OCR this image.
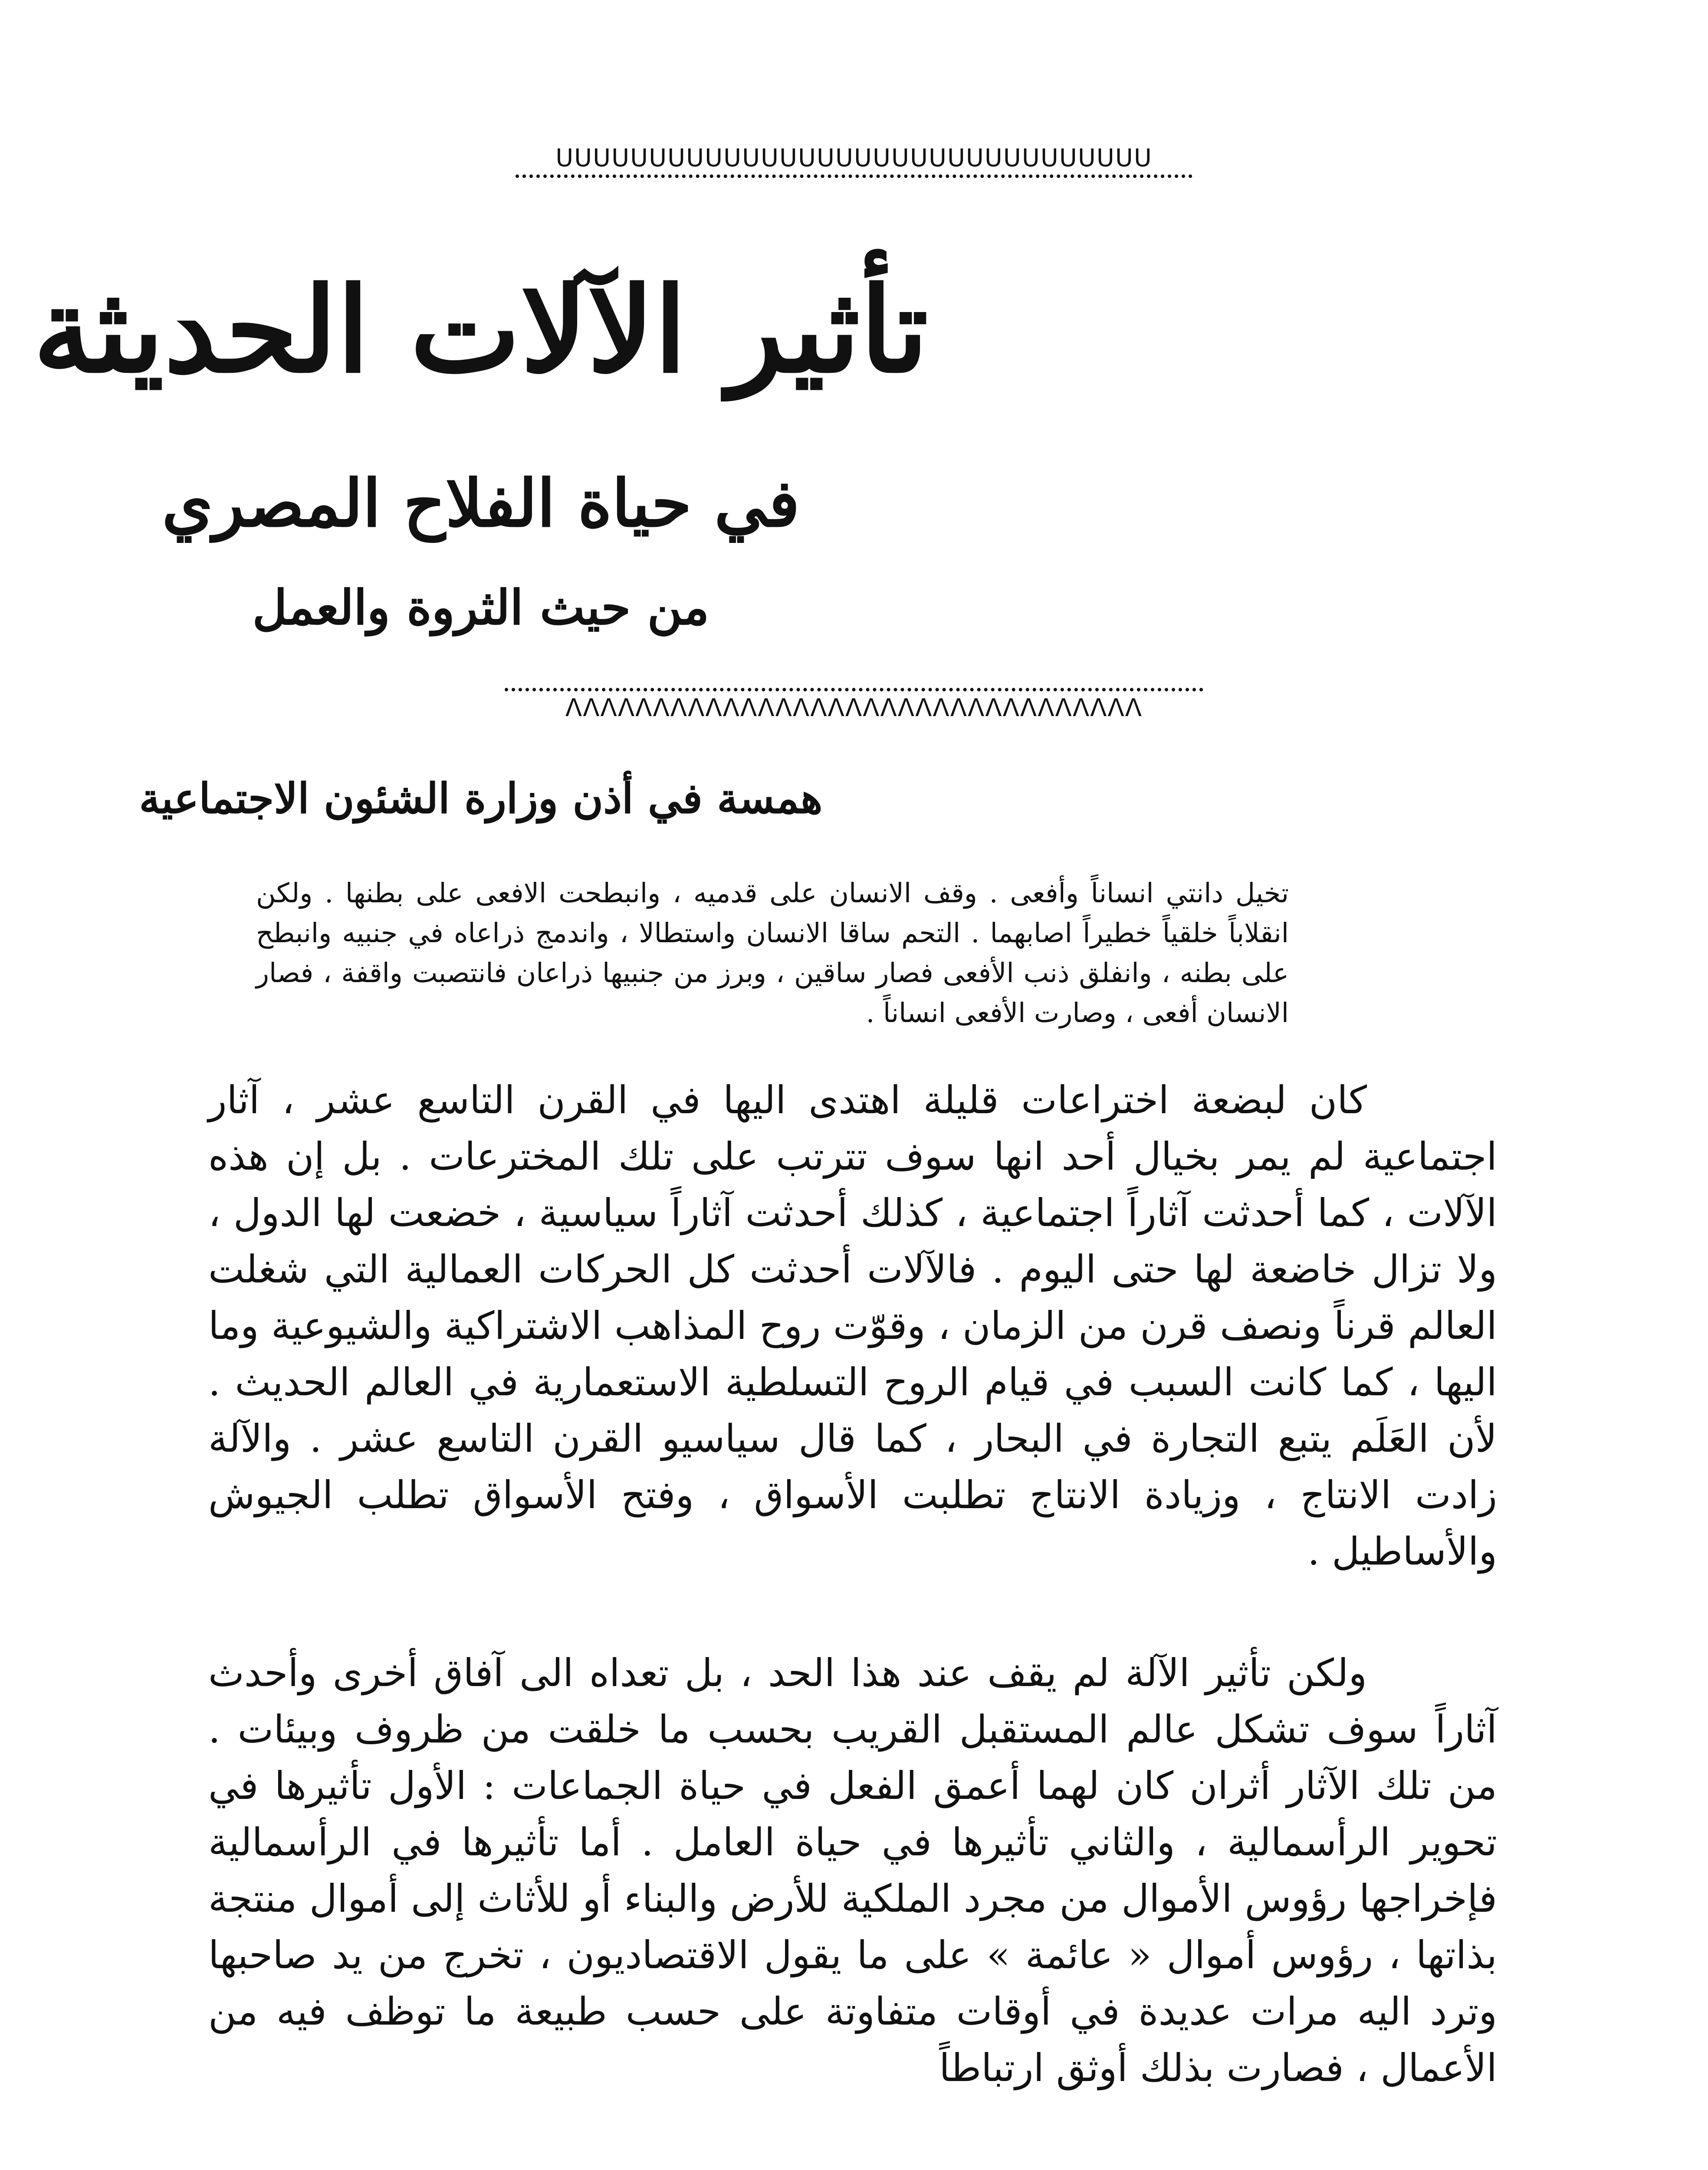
ꓴꓴꓴꓴꓴꓴꓴꓴꓴꓴꓴꓴꓴꓴꓴꓴꓴꓴꓴꓴꓴꓴꓴꓴꓴꓴꓴꓴꓴꓴꓴꓴ
تأثير الآلات الحديثة
في حياة الفلاح المصري
من حيث الثروة والعمل
ꓥꓥꓥꓥꓥꓥꓥꓥꓥꓥꓥꓥꓥꓥꓥꓥꓥꓥꓥꓥꓥꓥꓥꓥꓥꓥꓥꓥꓥꓥꓥꓥꓥ
همسة في أذن وزارة الشئون الاجتماعية

تخيل دانتي انساناً وأفعى . وقف الانسان على قدميه ، وانبطحت الافعى على بطنها . ولكن انقلاباً خلقياً خطيراً اصابهما . التحم ساقا الانسان واستطالا ، واندمج ذراعاه في جنبيه وانبطح على بطنه ، وانفلق ذنب الأفعى فصار ساقين ، وبرز من جنبيها ذراعان فانتصبت واقفة ، فصار الانسان أفعى ، وصارت الأفعى انساناً .

كان لبضعة اختراعات قليلة اهتدى اليها في القرن التاسع عشر ، آثار اجتماعية لم يمر بخيال أحد انها سوف تترتب على تلك المخترعات . بل إن هذه الآلات ، كما أحدثت آثاراً اجتماعية ، كذلك أحدثت آثاراً سياسية ، خضعت لها الدول ، ولا تزال خاضعة لها حتى اليوم . فالآلات أحدثت كل الحركات العمالية التي شغلت العالم قرناً ونصف قرن من الزمان ، وقوّت روح المذاهب الاشتراكية والشيوعية وما اليها ، كما كانت السبب في قيام الروح التسلطية الاستعمارية في العالم الحديث . لأن العَلَم يتبع التجارة في البحار ، كما قال سياسيو القرن التاسع عشر . والآلة زادت الانتاج ، وزيادة الانتاج تطلبت الأسواق ، وفتح الأسواق تطلب الجيوش والأساطيل .

ولكن تأثير الآلة لم يقف عند هذا الحد ، بل تعداه الى آفاق أخرى وأحدث آثاراً سوف تشكل عالم المستقبل القريب بحسب ما خلقت من ظروف وبيئات . من تلك الآثار أثران كان لهما أعمق الفعل في حياة الجماعات : الأول تأثيرها في تحوير الرأسمالية ، والثاني تأثيرها في حياة العامل . أما تأثيرها في الرأسمالية فإخراجها رؤوس الأموال من مجرد الملكية للأرض والبناء أو للأثاث إلى أموال منتجة بذاتها ، رؤوس أموال « عائمة » على ما يقول الاقتصاديون ، تخرج من يد صاحبها وترد اليه مرات عديدة في أوقات متفاوتة على حسب طبيعة ما توظف فيه من الأعمال ، فصارت بذلك أوثق ارتباطاً
